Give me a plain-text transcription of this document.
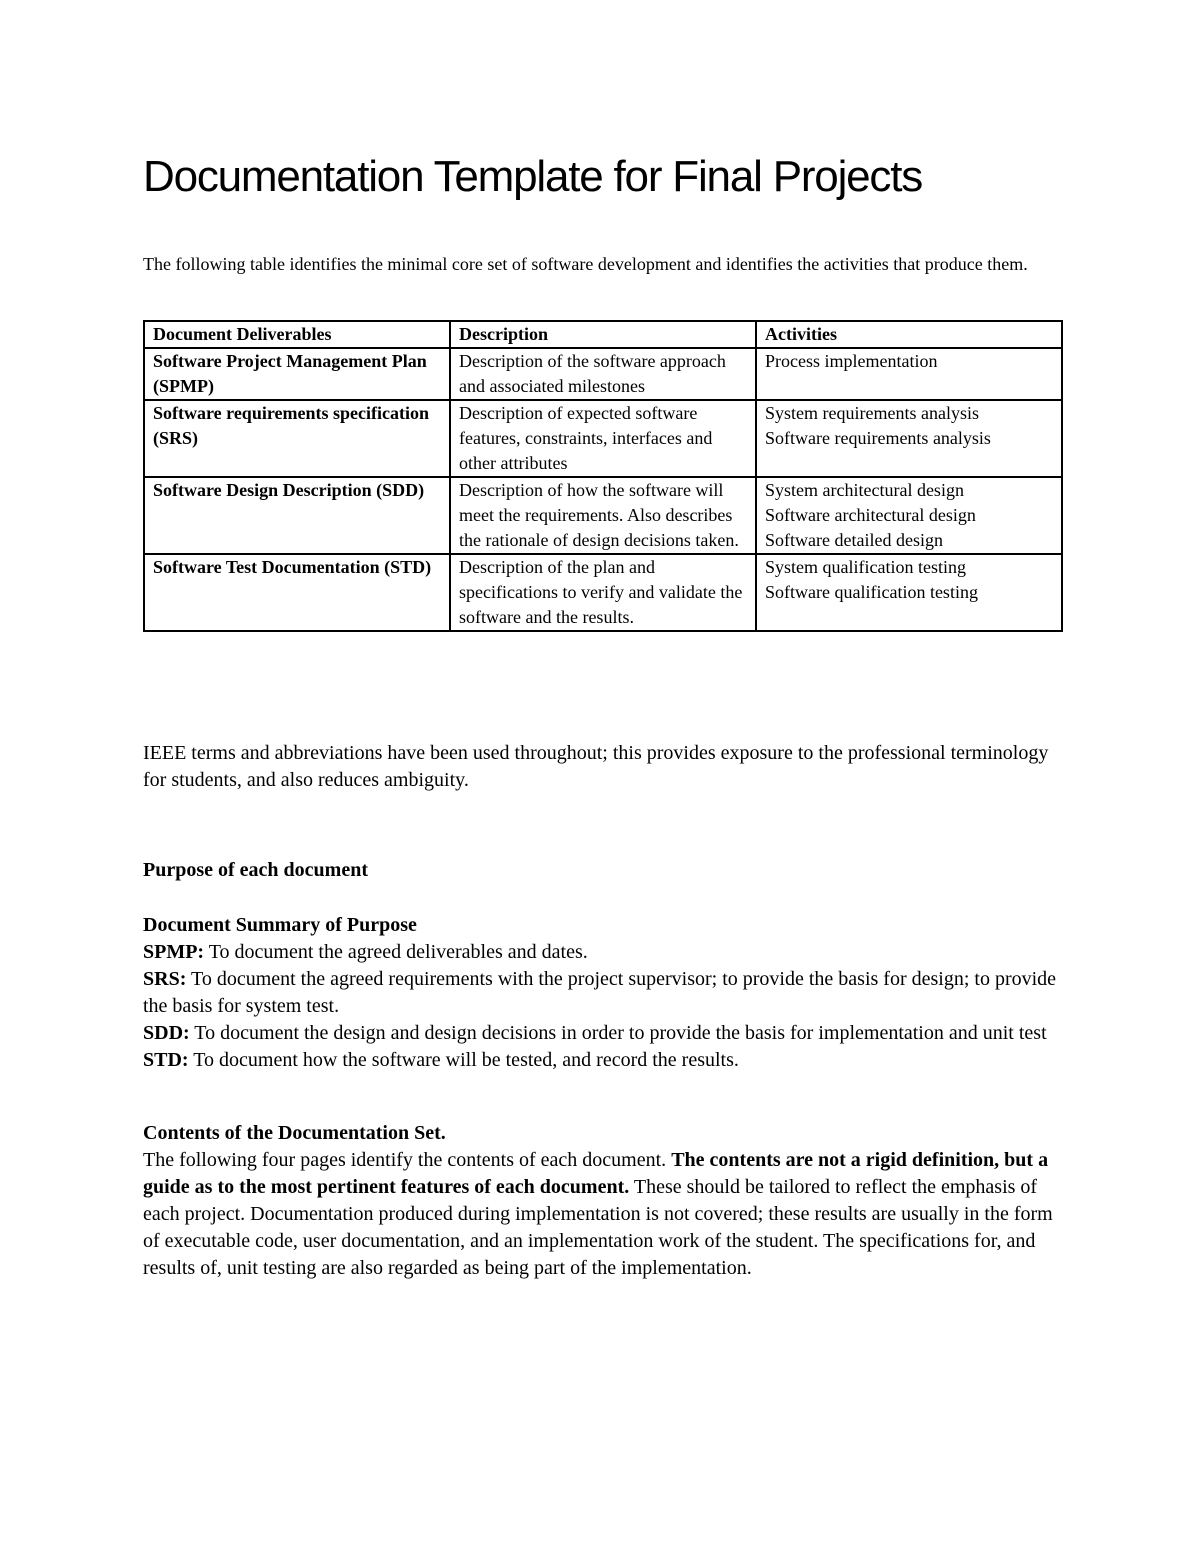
Documentation Template for Final Projects

The following table identifies the minimal core set of software development and identifies the activities that produce them.

Document Deliverables	Description	Activities
Software Project Management Plan (SPMP)	Description of the software approach and associated milestones	Process implementation

Software requirements specification (SRS)	Description of expected software features, constraints, interfaces and other attributes	System requirements analysis
Software requirements analysis

Software Design Description (SDD)	Description of how the software will meet the requirements. Also describes the rationale of design decisions taken.	System architectural design
Software architectural design
Software detailed design

Software Test Documentation (STD)	Description of the plan and specifications to verify and validate the software and the results.	System qualification testing
Software qualification testing

IEEE terms and abbreviations have been used throughout; this provides exposure to the professional terminology for students, and also reduces ambiguity.

Purpose of each document

Document Summary of Purpose
SPMP: To document the agreed deliverables and dates.
SRS: To document the agreed requirements with the project supervisor; to provide the basis for design; to provide the basis for system test.
SDD: To document the design and design decisions in order to provide the basis for implementation and unit test
STD: To document how the software will be tested, and record the results.
Contents of the Documentation Set.
The following four pages identify the contents of each document. The contents are not a rigid definition, but a guide as to the most pertinent features of each document. These should be tailored to reflect the emphasis of each project. Documentation produced during implementation is not covered; these results are usually in the form of executable code, user documentation, and an implementation work of the student. The specifications for, and results of, unit testing are also regarded as being part of the implementation.
